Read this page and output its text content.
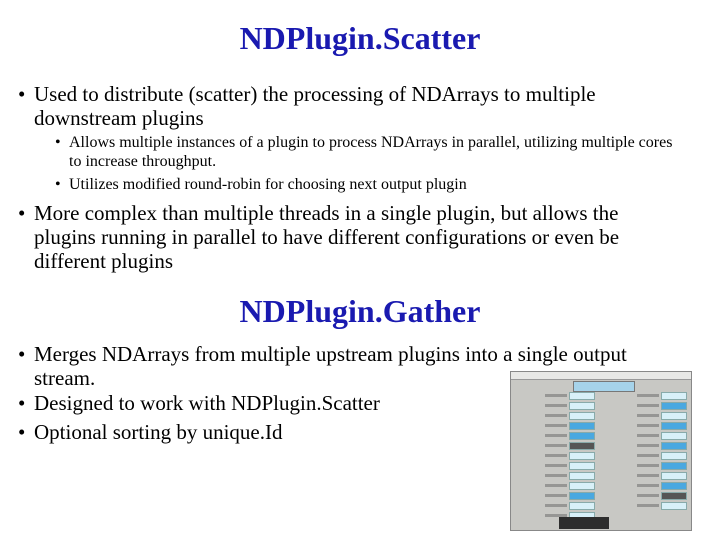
NDPlugin.Scatter
• Used to distribute (scatter) the processing of NDArrays to multiple downstream plugins
• Allows multiple instances of a plugin to process NDArrays in parallel, utilizing multiple cores to increase throughput.
• Utilizes modified round-robin for choosing next output plugin
• More complex than multiple threads in a single plugin, but allows the plugins running in parallel to have different configurations or even be different plugins
NDPlugin.Gather
• Merges NDArrays from multiple upstream plugins into a single output stream.
• Designed to work with NDPlugin.Scatter
• Optional sorting by unique.Id
